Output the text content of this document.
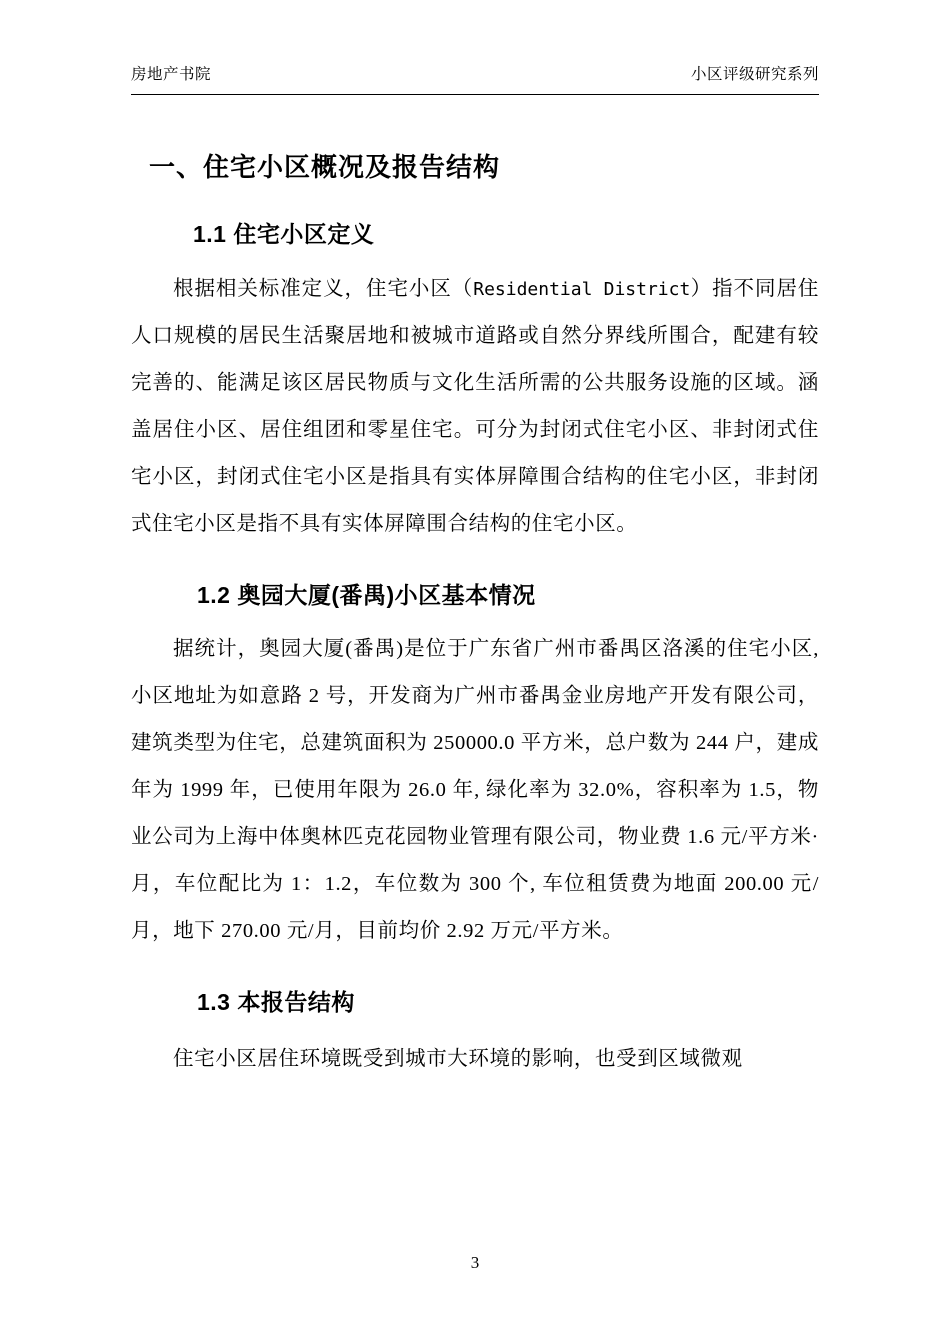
房地产书院	小区评级研究系列
一、住宅小区概况及报告结构
1.1 住宅小区定义

根据相关标准定义，住宅小区（Residential District）指不同居住人口规模的居民生活聚居地和被城市道路或自然分界线所围合，配建有较完善的、能满足该区居民物质与文化生活所需的公共服务设施的区域。涵盖居住小区、居住组团和零星住宅。可分为封闭式住宅小区、非封闭式住宅小区，封闭式住宅小区是指具有实体屏障围合结构的住宅小区，非封闭式住宅小区是指不具有实体屏障围合结构的住宅小区。

1.2 奥园大厦(番禺)小区基本情况

据统计，奥园大厦(番禺)是位于广东省广州市番禺区洛溪的住宅小区, 小区地址为如意路 2 号，开发商为广州市番禺金业房地产开发有限公司，建筑类型为住宅，总建筑面积为 250000.0 平方米，总户数为 244 户，建成年为 1999 年，已使用年限为 26.0 年, 绿化率为 32.0%，容积率为 1.5，物业公司为上海中体奥林匹克花园物业管理有限公司，物业费 1.6 元/平方米·月，车位配比为 1：1.2，车位数为 300 个, 车位租赁费为地面 200.00 元/月，地下 270.00 元/月，目前均价 2.92 万元/平方米。

1.3 本报告结构

住宅小区居住环境既受到城市大环境的影响，也受到区域微观

3
